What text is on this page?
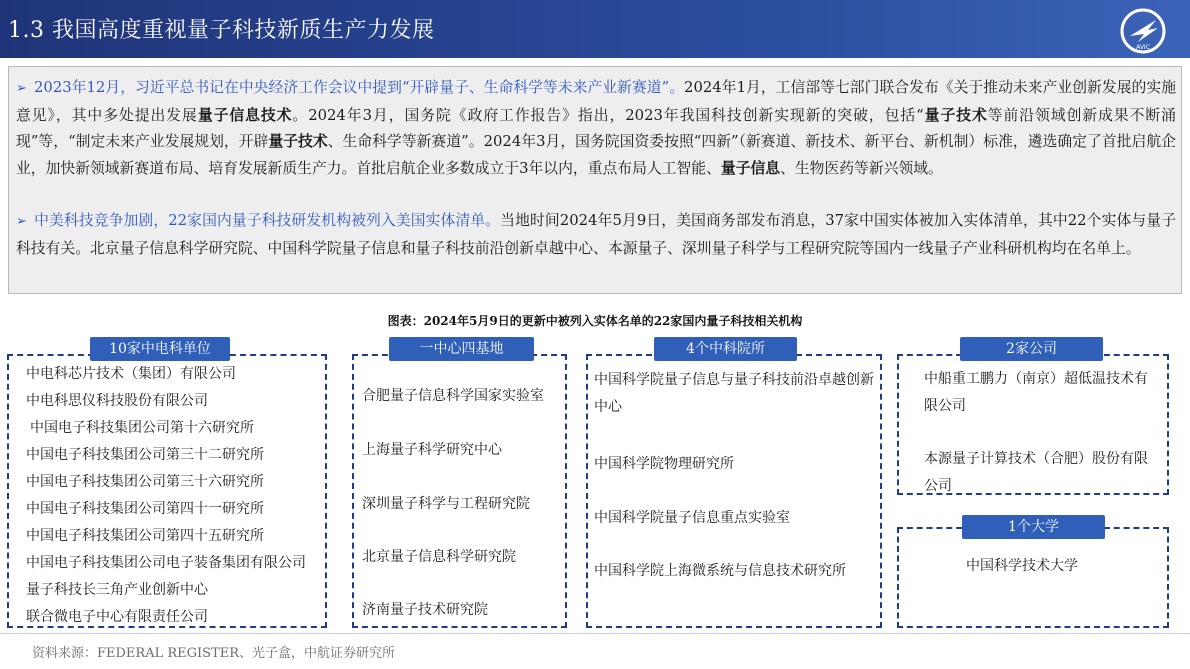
1.3 我国高度重视量子科技新质生产力发展
AVIC
➢ 2023年12月，习近平总书记在中央经济工作会议中提到“开辟量子、生命科学等未来产业新赛道”。2024年1月，工信部等七部门联合发布《关于推动未来产业创新发展的实施意见》，其中多处提出发展量子信息技术。2024年3月，国务院《政府工作报告》指出，2023年我国科技创新实现新的突破，包括“量子技术等前沿领域创新成果不断涌现”等，“制定未来产业发展规划，开辟量子技术、生命科学等新赛道”。2024年3月，国务院国资委按照“四新”（新赛道、新技术、新平台、新机制）标准，遴选确定了首批启航企业，加快新领域新赛道布局、培育发展新质生产力。首批启航企业多数成立于3年以内，重点布局人工智能、量子信息、生物医药等新兴领域。
➢ 中美科技竞争加剧，22家国内量子科技研发机构被列入美国实体清单。当地时间2024年5月9日，美国商务部发布消息，37家中国实体被加入实体清单，其中22个实体与量子科技有关。北京量子信息科学研究院、中国科学院量子信息和量子科技前沿创新卓越中心、本源量子、深圳量子科学与工程研究院等国内一线量子产业科研机构均在名单上。
图表：2024年5月9日的更新中被列入实体名单的22家国内量子科技相关机构
中电科芯片技术（集团）有限公司
中电科思仪科技股份有限公司
中国电子科技集团公司第十六研究所
中国电子科技集团公司第三十二研究所
中国电子科技集团公司第三十六研究所
中国电子科技集团公司第四十一研究所
中国电子科技集团公司第四十五研究所
中国电子科技集团公司电子装备集团有限公司
量子科技长三角产业创新中心
联合微电子中心有限责任公司
10家中电科单位
合肥量子信息科学国家实验室
上海量子科学研究中心
深圳量子科学与工程研究院
北京量子信息科学研究院
济南量子技术研究院
一中心四基地
中国科学院量子信息与量子科技前沿卓越创新中心
中国科学院物理研究所
中国科学院量子信息重点实验室
中国科学院上海微系统与信息技术研究所
4个中科院所
中船重工鹏力（南京）超低温技术有限公司
本源量子计算技术（合肥）股份有限公司
2家公司
中国科学技术大学
1个大学
资料来源：FEDERAL REGISTER、光子盒，中航证券研究所
